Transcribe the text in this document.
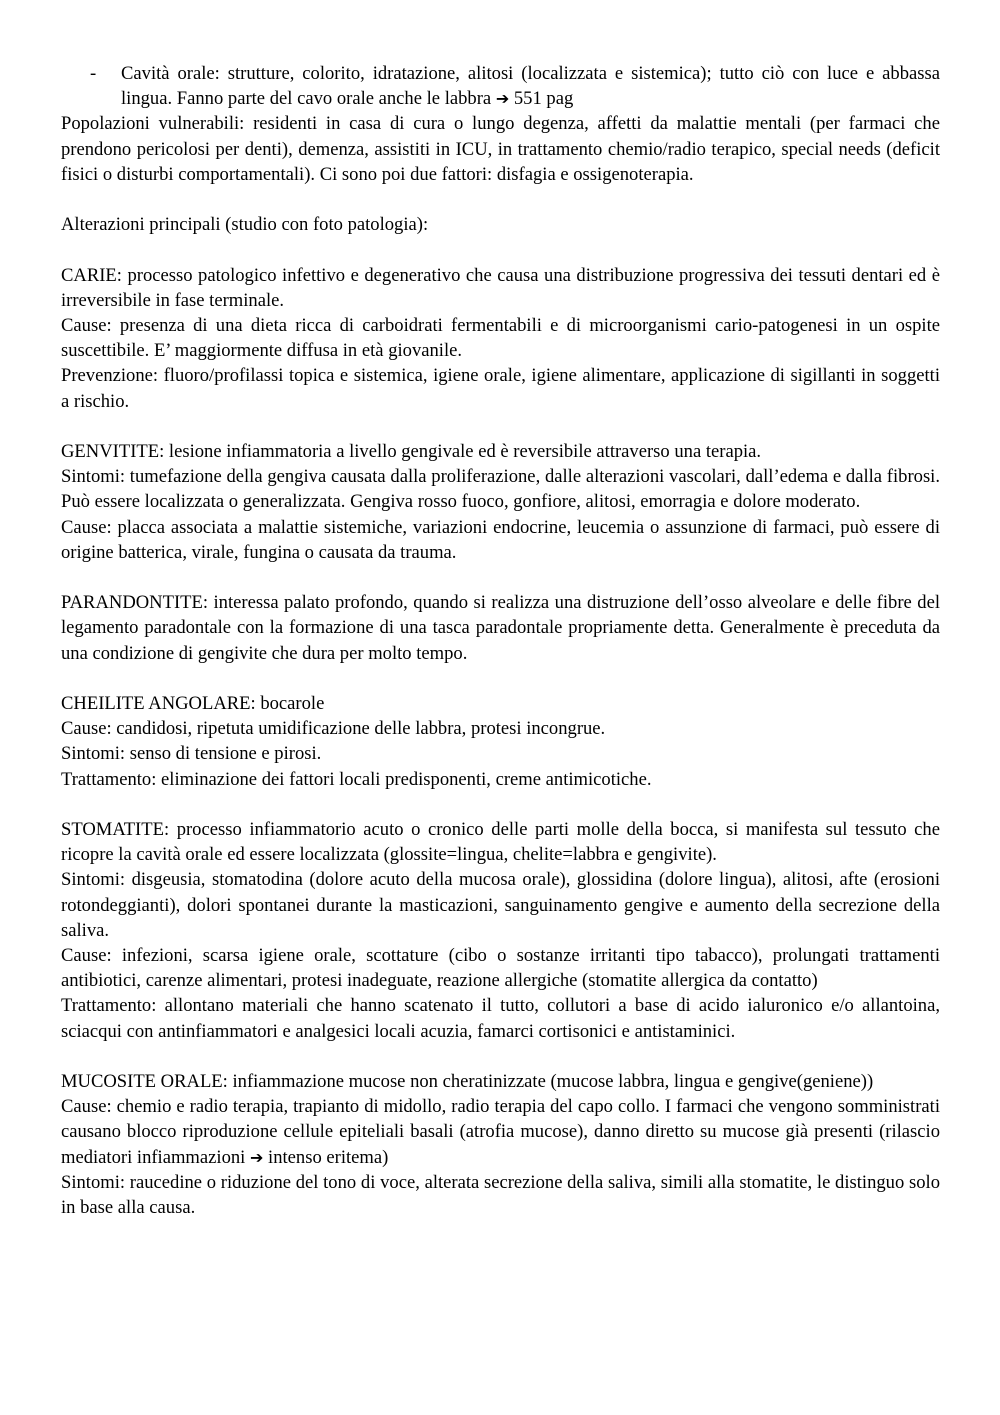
- Cavità orale: strutture, colorito, idratazione, alitosi (localizzata e sistemica); tutto ciò con luce e abbassa lingua. Fanno parte del cavo orale anche le labbra ➔ 551 pag

Popolazioni vulnerabili: residenti in casa di cura o lungo degenza, affetti da malattie mentali (per farmaci che prendono pericolosi per denti), demenza, assistiti in ICU, in trattamento chemio/radio terapico, special needs (deficit fisici o disturbi comportamentali). Ci sono poi due fattori: disfagia e ossigenoterapia.

Alterazioni principali (studio con foto patologia):

CARIE: processo patologico infettivo e degenerativo che causa una distribuzione progressiva dei tessuti dentari ed è irreversibile in fase terminale.

Cause: presenza di una dieta ricca di carboidrati fermentabili e di microorganismi cario-patogenesi in un ospite suscettibile. E’ maggiormente diffusa in età giovanile.

Prevenzione: fluoro/profilassi topica e sistemica, igiene orale, igiene alimentare, applicazione di sigillanti in soggetti a rischio.

GENVITITE: lesione infiammatoria a livello gengivale ed è reversibile attraverso una terapia.

Sintomi: tumefazione della gengiva causata dalla proliferazione, dalle alterazioni vascolari, dall’edema e dalla fibrosi. Può essere localizzata o generalizzata. Gengiva rosso fuoco, gonfiore, alitosi, emorragia e dolore moderato.

Cause: placca associata a malattie sistemiche, variazioni endocrine, leucemia o assunzione di farmaci, può essere di origine batterica, virale, fungina o causata da trauma.

PARANDONTITE: interessa palato profondo, quando si realizza una distruzione dell’osso alveolare e delle fibre del legamento paradontale con la formazione di una tasca paradontale propriamente detta. Generalmente è preceduta da una condizione di gengivite che dura per molto tempo.

CHEILITE ANGOLARE: bocarole

Cause: candidosi, ripetuta umidificazione delle labbra, protesi incongrue.

Sintomi: senso di tensione e pirosi.

Trattamento: eliminazione dei fattori locali predisponenti, creme antimicotiche.

STOMATITE: processo infiammatorio acuto o cronico delle parti molle della bocca, si manifesta sul tessuto che ricopre la cavità orale ed essere localizzata (glossite=lingua, chelite=labbra e gengivite).

Sintomi: disgeusia, stomatodina (dolore acuto della mucosa orale), glossidina (dolore lingua), alitosi, afte (erosioni rotondeggianti), dolori spontanei durante la masticazioni, sanguinamento gengive e aumento della secrezione della saliva.

Cause: infezioni, scarsa igiene orale, scottature (cibo o sostanze irritanti tipo tabacco), prolungati trattamenti antibiotici, carenze alimentari, protesi inadeguate, reazione allergiche (stomatite allergica da contatto)

Trattamento: allontano materiali che hanno scatenato il tutto, collutori a base di acido ialuronico e/o allantoina, sciacqui con antinfiammatori e analgesici locali acuzia, famarci cortisonici e antistaminici.

MUCOSITE ORALE: infiammazione mucose non cheratinizzate (mucose labbra, lingua e gengive(geniene))

Cause: chemio e radio terapia, trapianto di midollo, radio terapia del capo collo. I farmaci che vengono somministrati causano blocco riproduzione cellule epiteliali basali (atrofia mucose), danno diretto su mucose già presenti (rilascio mediatori infiammazioni ➔ intenso eritema)

Sintomi: raucedine o riduzione del tono di voce, alterata secrezione della saliva, simili alla stomatite, le distinguo solo in base alla causa.
